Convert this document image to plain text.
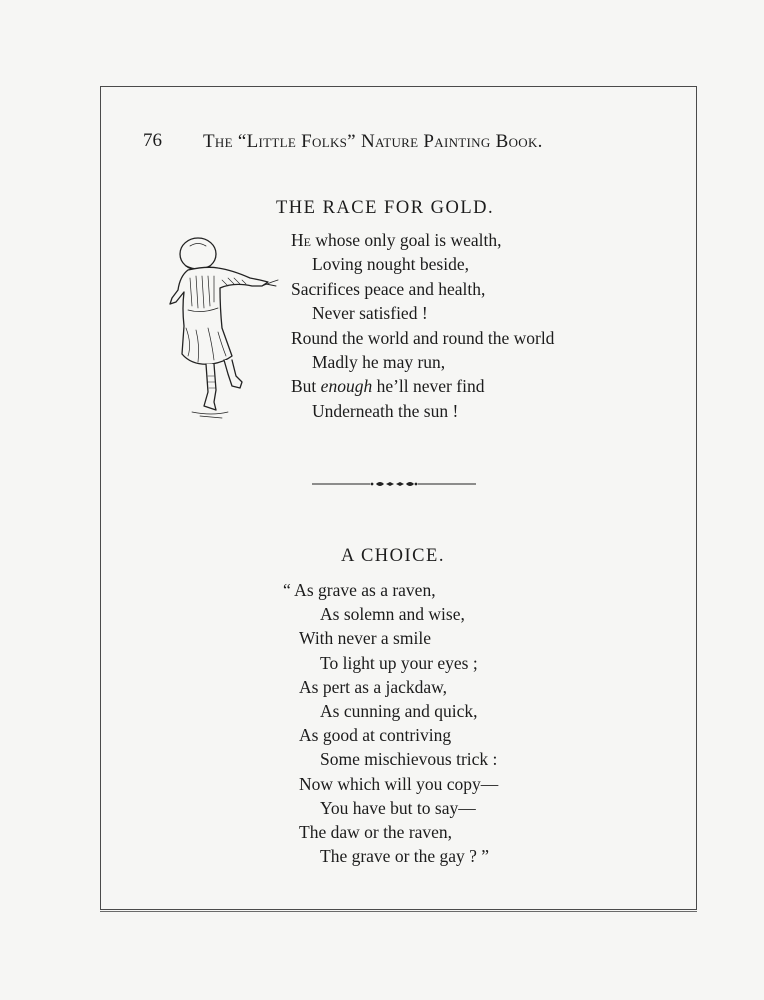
76 The “Little Folks” Nature Painting Book.
THE RACE FOR GOLD.
He whose only goal is wealth,
Loving nought beside,
Sacrifices peace and health,
Never satisfied !
Round the world and round the world
Madly he may run,
But enough he’ll never find
Underneath the sun !
A CHOICE.
“ As grave as a raven,
As solemn and wise,
With never a smile
To light up your eyes ;
As pert as a jackdaw,
As cunning and quick,
As good at contriving
Some mischievous trick :
Now which will you copy—
You have but to say—
The daw or the raven,
The grave or the gay ? ”
